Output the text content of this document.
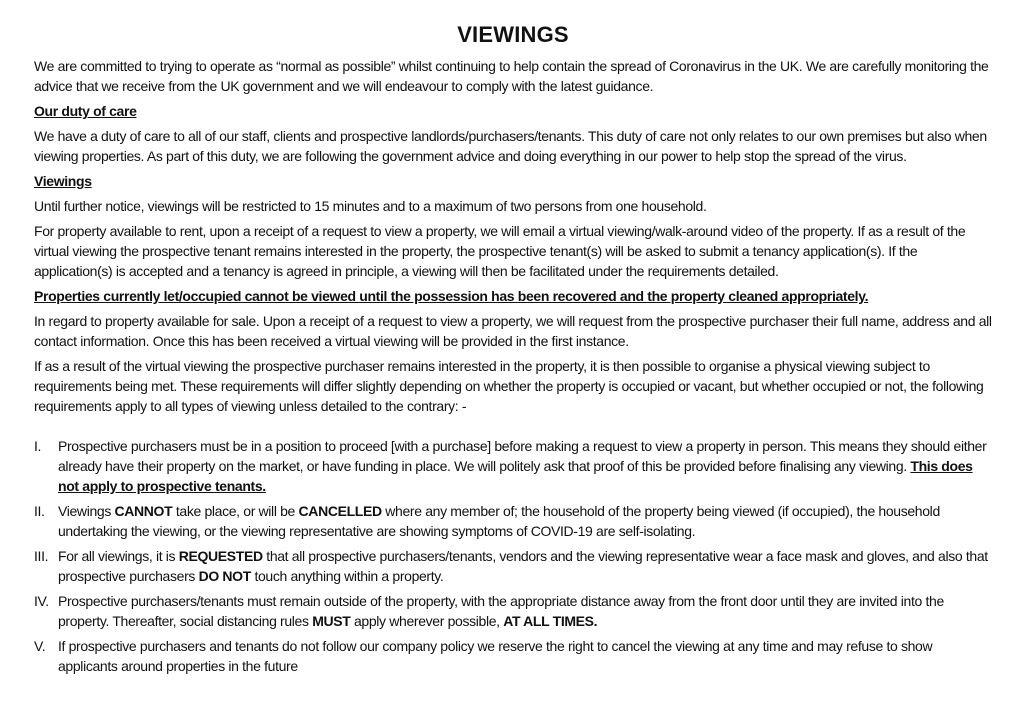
VIEWINGS

We are committed to trying to operate as “normal as possible” whilst continuing to help contain the spread of Coronavirus in the UK. We are carefully monitoring the advice that we receive from the UK government and we will endeavour to comply with the latest guidance.

Our duty of care

We have a duty of care to all of our staff, clients and prospective landlords/purchasers/tenants. This duty of care not only relates to our own premises but also when viewing properties. As part of this duty, we are following the government advice and doing everything in our power to help stop the spread of the virus.

Viewings

Until further notice, viewings will be restricted to 15 minutes and to a maximum of two persons from one household.

For property available to rent, upon a receipt of a request to view a property, we will email a virtual viewing/walk-around video of the property. If as a result of the virtual viewing the prospective tenant remains interested in the property, the prospective tenant(s) will be asked to submit a tenancy application(s). If the application(s) is accepted and a tenancy is agreed in principle, a viewing will then be facilitated under the requirements detailed.

Properties currently let/occupied cannot be viewed until the possession has been recovered and the property cleaned appropriately.

In regard to property available for sale. Upon a receipt of a request to view a property, we will request from the prospective purchaser their full name, address and all contact information. Once this has been received a virtual viewing will be provided in the first instance.

If as a result of the virtual viewing the prospective purchaser remains interested in the property, it is then possible to organise a physical viewing subject to requirements being met. These requirements will differ slightly depending on whether the property is occupied or vacant, but whether occupied or not, the following requirements apply to all types of viewing unless detailed to the contrary: -

I. Prospective purchasers must be in a position to proceed [with a purchase] before making a request to view a property in person. This means they should either already have their property on the market, or have funding in place. We will politely ask that proof of this be provided before finalising any viewing. This does not apply to prospective tenants.
II. Viewings CANNOT take place, or will be CANCELLED where any member of; the household of the property being viewed (if occupied), the household undertaking the viewing, or the viewing representative are showing symptoms of COVID-19 are self-isolating.
III. For all viewings, it is REQUESTED that all prospective purchasers/tenants, vendors and the viewing representative wear a face mask and gloves, and also that prospective purchasers DO NOT touch anything within a property.
IV. Prospective purchasers/tenants must remain outside of the property, with the appropriate distance away from the front door until they are invited into the property. Thereafter, social distancing rules MUST apply wherever possible, AT ALL TIMES.
V. If prospective purchasers and tenants do not follow our company policy we reserve the right to cancel the viewing at any time and may refuse to show applicants around properties in the future
